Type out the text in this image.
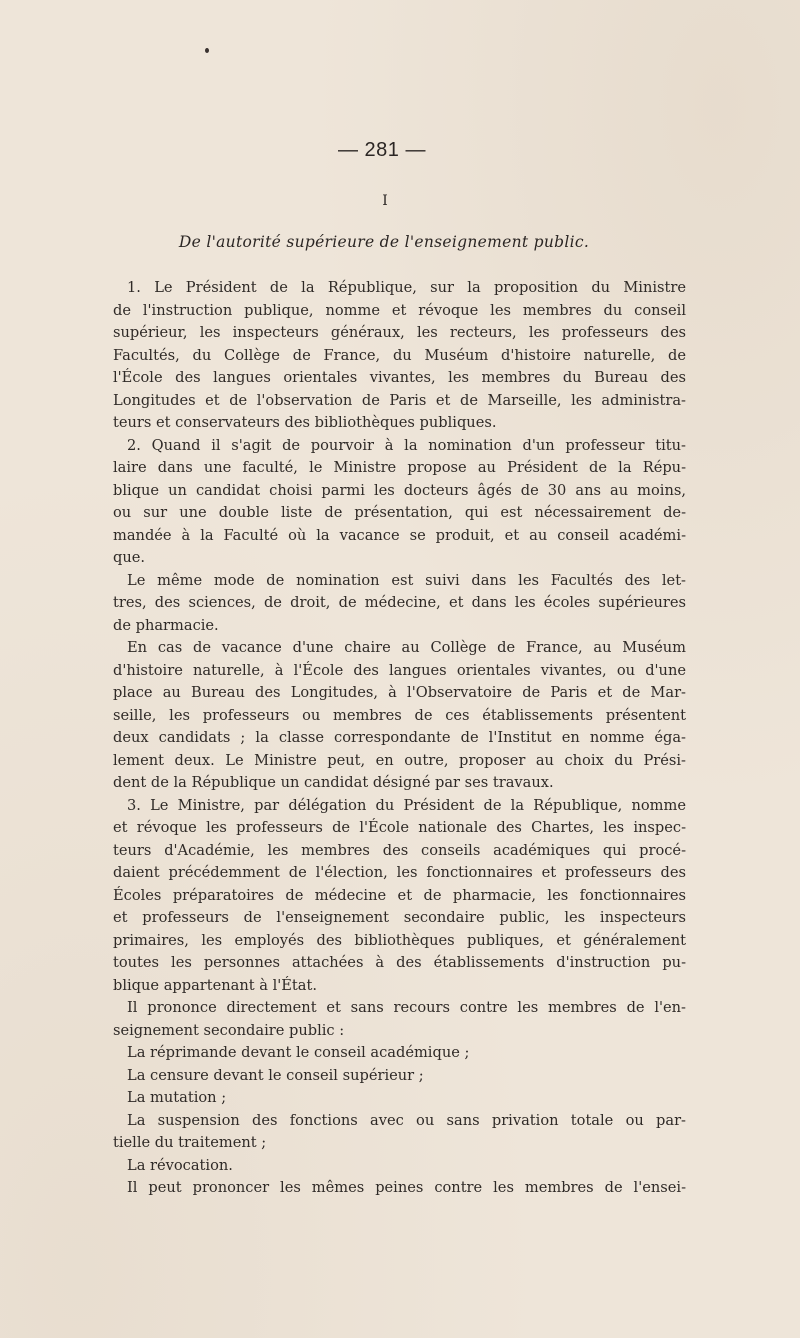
— 281 —
I
De l'autorité supérieure de l'enseignement public.
1. Le Président de la République, sur la proposition du Ministre
de l'instruction publique, nomme et révoque les membres du conseil
supérieur, les inspecteurs généraux, les recteurs, les professeurs des
Facultés, du Collège de France, du Muséum d'histoire naturelle, de
l'École des langues orientales vivantes, les membres du Bureau des
Longitudes et de l'observation de Paris et de Marseille, les administra-
teurs et conservateurs des bibliothèques publiques.
2. Quand il s'agit de pourvoir à la nomination d'un professeur titu-
laire dans une faculté, le Ministre propose au Président de la Répu-
blique un candidat choisi parmi les docteurs âgés de 30 ans au moins,
ou sur une double liste de présentation, qui est nécessairement de-
mandée à la Faculté où la vacance se produit, et au conseil académi-
que.
Le même mode de nomination est suivi dans les Facultés des let-
tres, des sciences, de droit, de médecine, et dans les écoles supérieures
de pharmacie.
En cas de vacance d'une chaire au Collège de France, au Muséum
d'histoire naturelle, à l'École des langues orientales vivantes, ou d'une
place au Bureau des Longitudes, à l'Observatoire de Paris et de Mar-
seille, les professeurs ou membres de ces établissements présentent
deux candidats ; la classe correspondante de l'Institut en nomme éga-
lement deux. Le Ministre peut, en outre, proposer au choix du Prési-
dent de la République un candidat désigné par ses travaux.
3. Le Ministre, par délégation du Président de la République, nomme
et révoque les professeurs de l'École nationale des Chartes, les inspec-
teurs d'Académie, les membres des conseils académiques qui procé-
daient précédemment de l'élection, les fonctionnaires et professeurs des
Écoles préparatoires de médecine et de pharmacie, les fonctionnaires
et professeurs de l'enseignement secondaire public, les inspecteurs
primaires, les employés des bibliothèques publiques, et généralement
toutes les personnes attachées à des établissements d'instruction pu-
blique appartenant à l'État.
Il prononce directement et sans recours contre les membres de l'en-
seignement secondaire public :
La réprimande devant le conseil académique ;
La censure devant le conseil supérieur ;
La mutation ;
La suspension des fonctions avec ou sans privation totale ou par-
tielle du traitement ;
La révocation.
Il peut prononcer les mêmes peines contre les membres de l'ensei-
